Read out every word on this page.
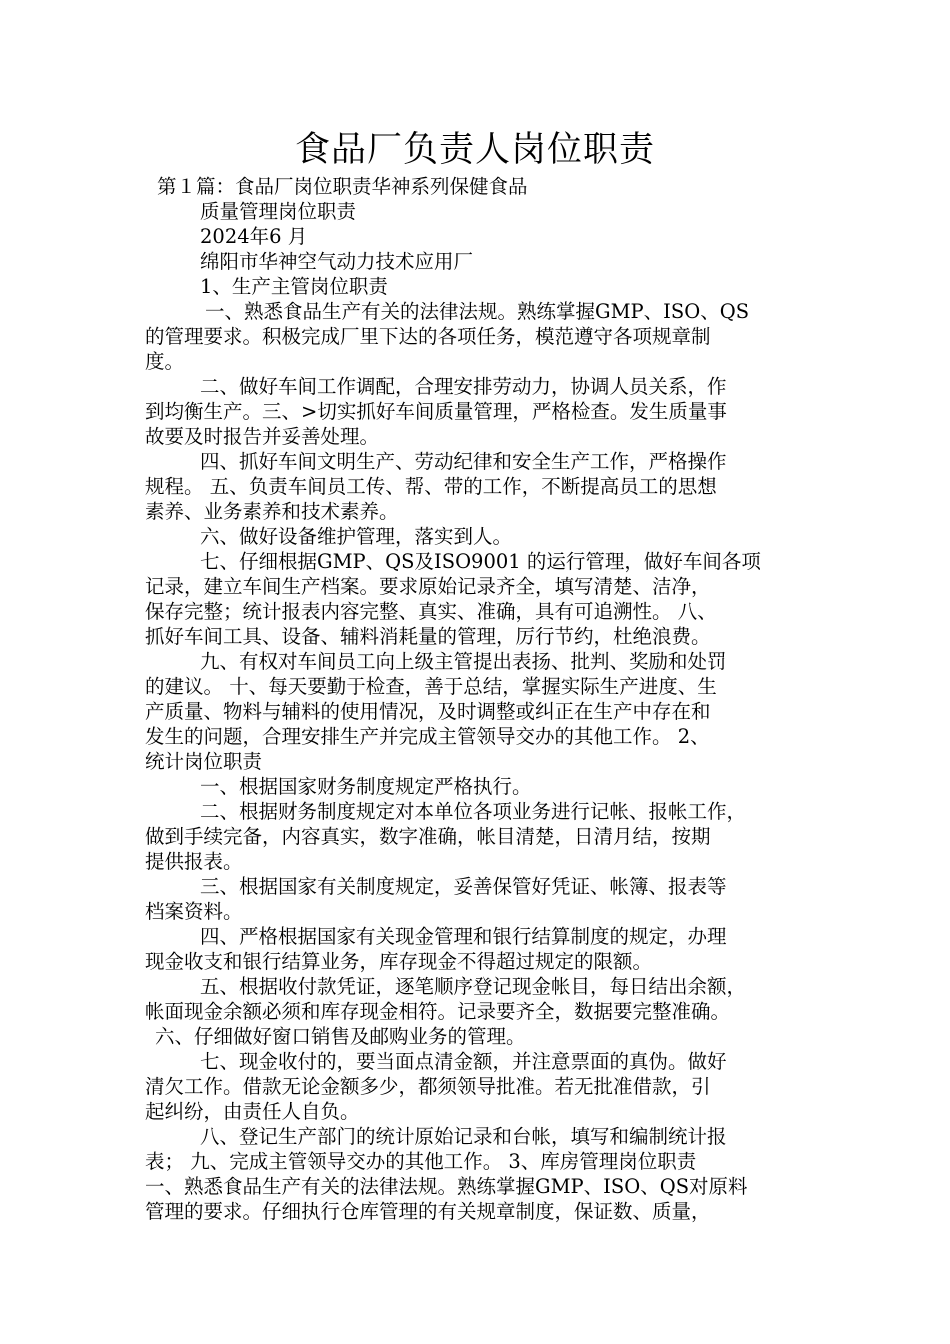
食品厂负责人岗位职责
第１篇：食品厂岗位职责华神系列保健食品
质量管理岗位职责
2024年6 月
绵阳市华神空气动力技术应用厂
1、生产主管岗位职责
一、熟悉食品生产有关的法律法规。熟练掌握GMP、ISO、QS
的管理要求。积极完成厂里下达的各项任务，模范遵守各项规章制
度。
二、做好车间工作调配，合理安排劳动力，协调人员关系，作
到均衡生产。三、>切实抓好车间质量管理，严格检查。发生质量事
故要及时报告并妥善处理。
四、抓好车间文明生产、劳动纪律和安全生产工作，严格操作
规程。 五、负责车间员工传、帮、带的工作，不断提高员工的思想
素养、业务素养和技术素养。
六、做好设备维护管理，落实到人。
七、仔细根据GMP、QS及ISO9001 的运行管理，做好车间各项
记录，建立车间生产档案。要求原始记录齐全，填写清楚、洁净，
保存完整；统计报表内容完整、真实、准确，具有可追溯性。 八、
抓好车间工具、设备、辅料消耗量的管理，厉行节约，杜绝浪费。
九、有权对车间员工向上级主管提出表扬、批判、奖励和处罚
的建议。 十、每天要勤于检查，善于总结，掌握实际生产进度、生
产质量、物料与辅料的使用情况，及时调整或纠正在生产中存在和
发生的问题，合理安排生产并完成主管领导交办的其他工作。 2、
统计岗位职责
一、根据国家财务制度规定严格执行。
二、根据财务制度规定对本单位各项业务进行记帐、报帐工作，
做到手续完备，内容真实，数字准确，帐目清楚，日清月结，按期
提供报表。
三、根据国家有关制度规定，妥善保管好凭证、帐簿、报表等
档案资料。
四、严格根据国家有关现金管理和银行结算制度的规定，办理
现金收支和银行结算业务，库存现金不得超过规定的限额。
五、根据收付款凭证，逐笔顺序登记现金帐目，每日结出余额，
帐面现金余额必须和库存现金相符。记录要齐全，数据要完整准确。
六、仔细做好窗口销售及邮购业务的管理。
七、现金收付的，要当面点清金额，并注意票面的真伪。做好
清欠工作。借款无论金额多少，都须领导批准。若无批准借款，引
起纠纷，由责任人自负。
八、登记生产部门的统计原始记录和台帐，填写和编制统计报
表； 九、完成主管领导交办的其他工作。 3、库房管理岗位职责
一、熟悉食品生产有关的法律法规。熟练掌握GMP、ISO、QS对原料
管理的要求。仔细执行仓库管理的有关规章制度，保证数、质量，
